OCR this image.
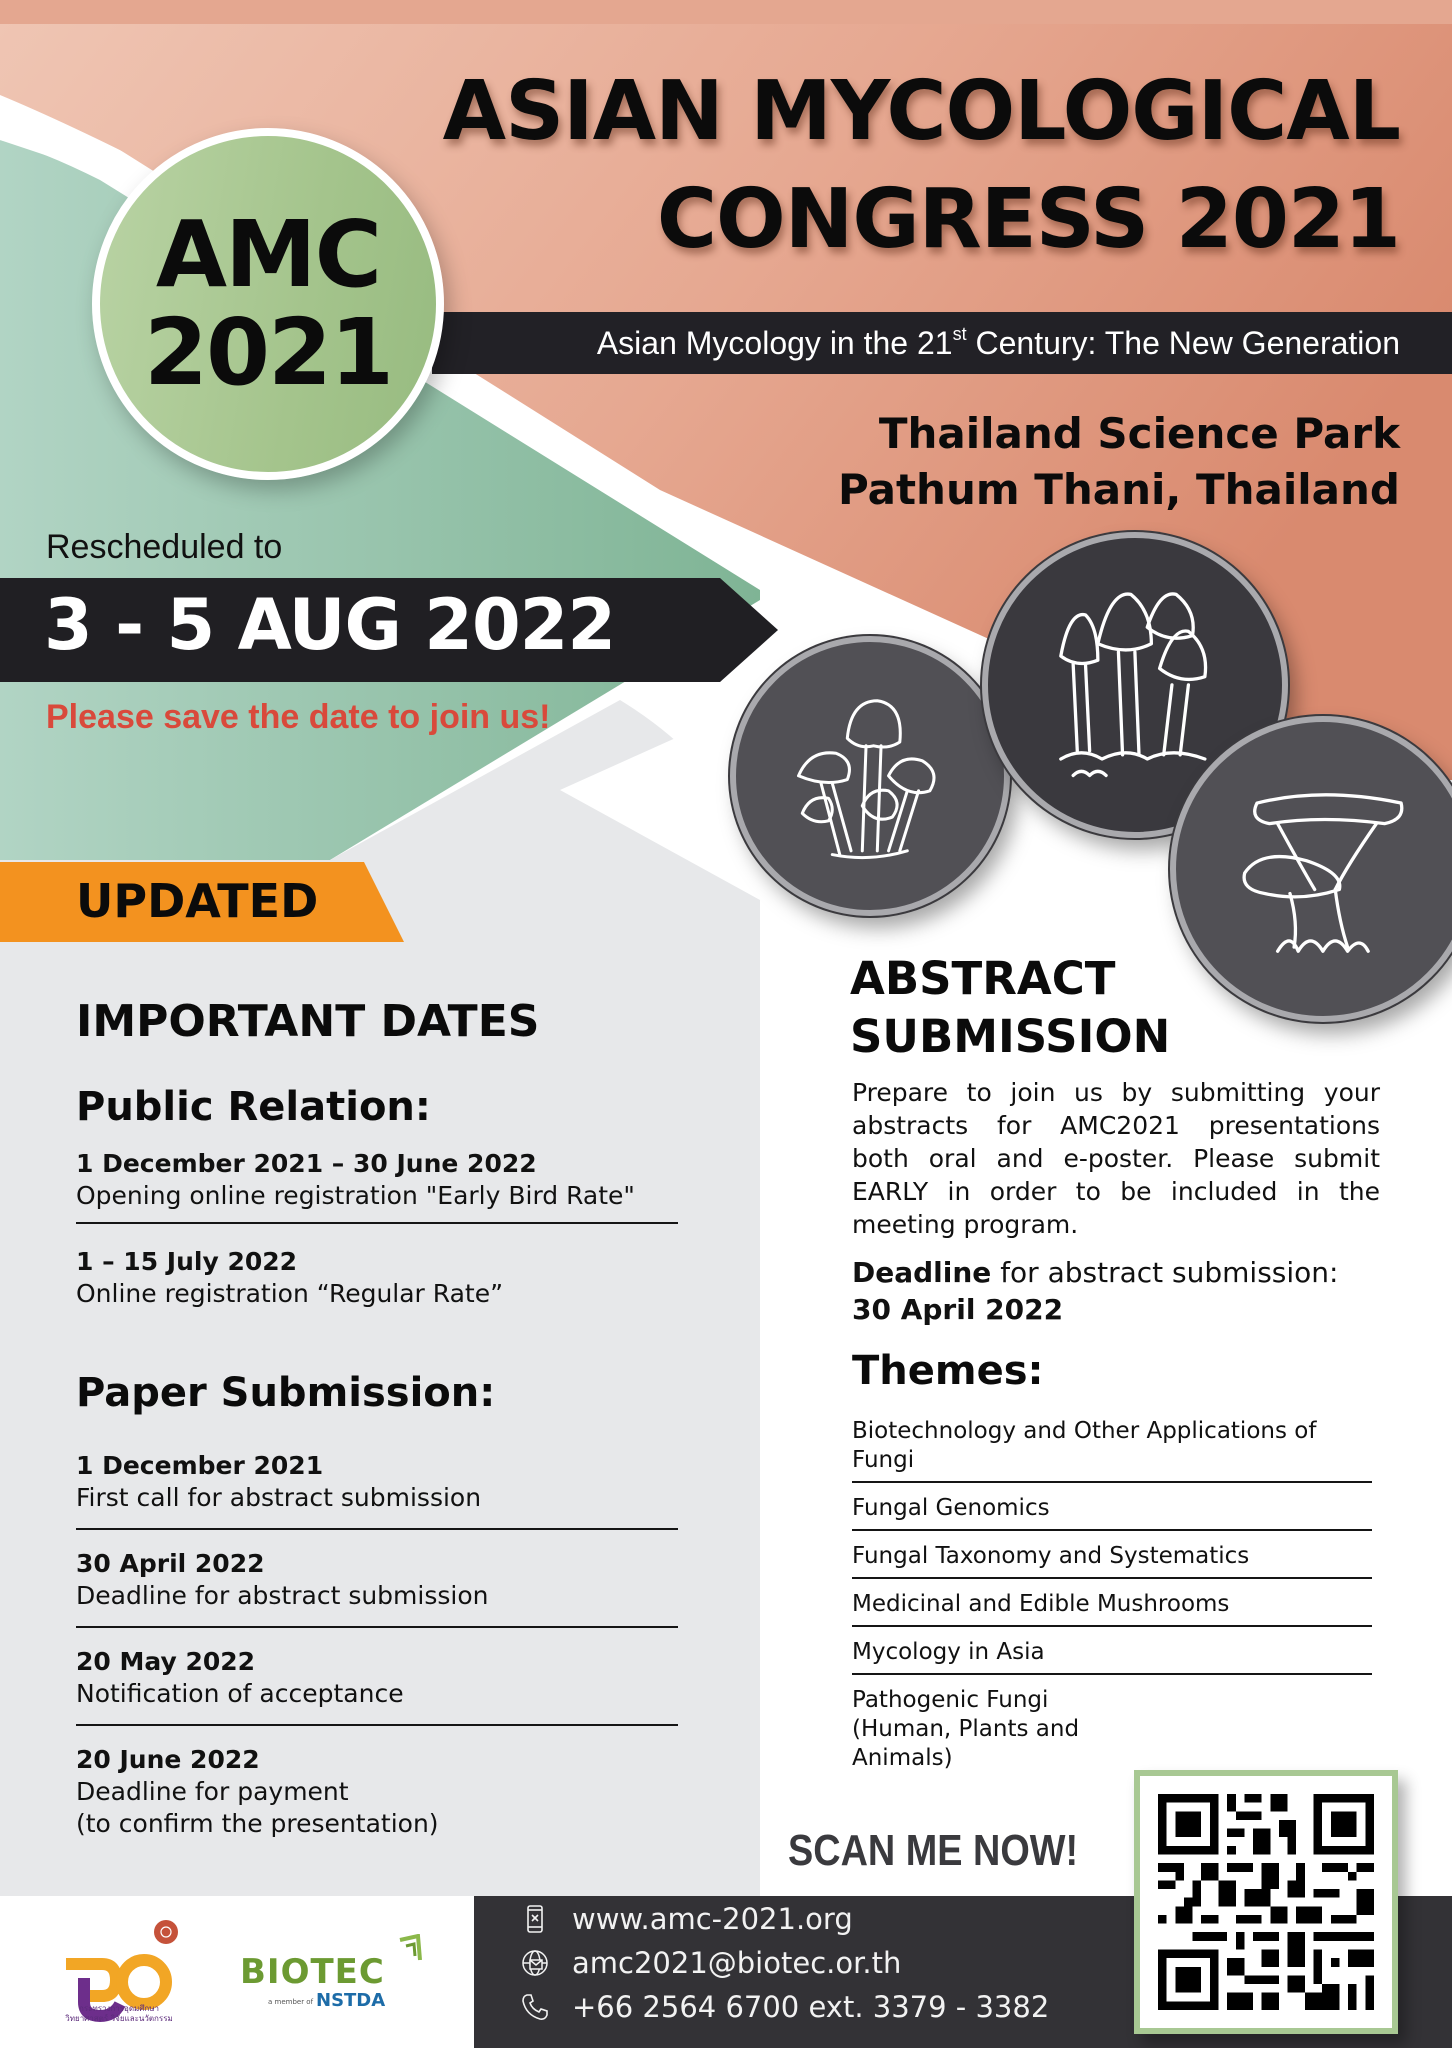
ASIAN MYCOLOGICAL
CONGRESS 2021
Asian Mycology in the 21st Century: The New Generation
Thailand Science Park
Pathum Thani, Thailand
AMC
2021
Rescheduled to
3 - 5 AUG 2022
Please save the date to join us!
UPDATED
IMPORTANT DATES
Public Relation:
1 December 2021 – 30 June 2022
Opening online registration "Early Bird Rate"
1 – 15 July 2022
Online registration “Regular Rate”
Paper Submission:
1 December 2021
First call for abstract submission
30 April 2022
Deadline for abstract submission
20 May 2022
Notification of acceptance
20 June 2022
Deadline for payment
(to confirm the presentation)
ABSTRACT
SUBMISSION
Prepare to join us by submitting your abstracts for AMC2021 presentations both oral and e-poster. Please submit EARLY in order to be included in the meeting program.
Deadline for abstract submission:
30 April 2022
Themes:
Biotechnology and Other Applications of Fungi
Fungal Genomics
Fungal Taxonomy and Systematics
Medicinal and Edible Mushrooms
Mycology in Asia
Pathogenic Fungi (Human, Plants and Animals)
SCAN ME NOW!
www.amc-2021.org
amc2021@biotec.or.th
+66 2564 6700 ext. 3379 - 3382
กระทรวงการอุดมศึกษา
วิทยาศาสตร์ วิจัยและนวัตกรรม
BIOTEC
a member of NSTDA
